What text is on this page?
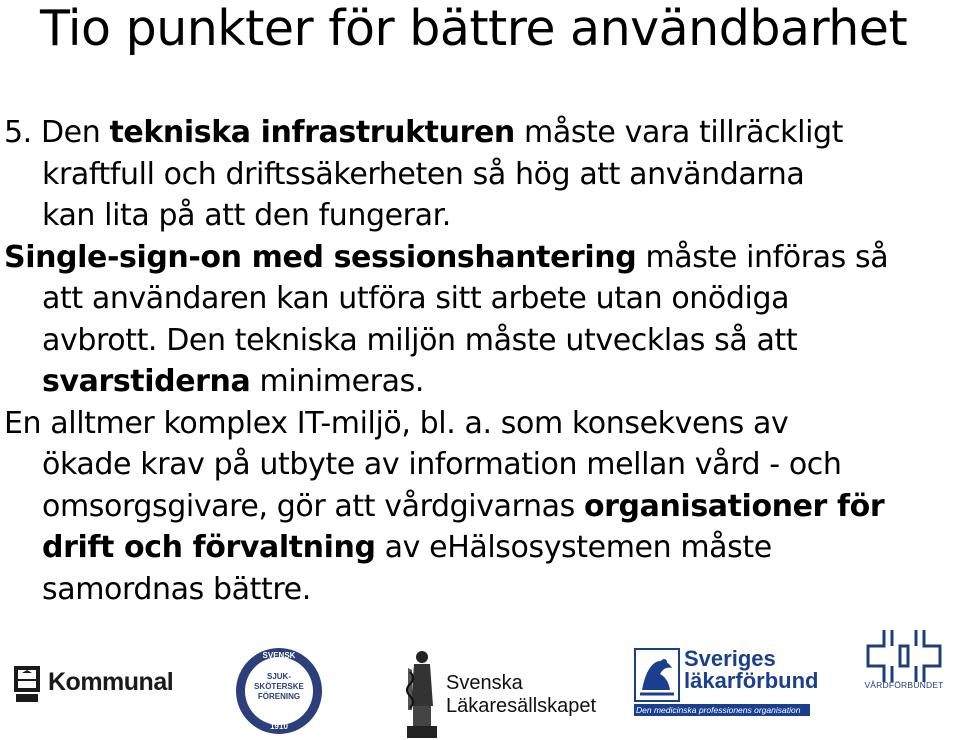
Tio punkter för bättre användbarhet
5. Den tekniska infrastrukturen måste vara tillräckligt
kraftfull och driftssäkerheten så hög att användarna
kan lita på att den fungerar.
Single-sign-on med sessionshantering måste införas så
att användaren kan utföra sitt arbete utan onödiga
avbrott. Den tekniska miljön måste utvecklas så att
svarstiderna minimeras.
En alltmer komplex IT-miljö, bl. a. som konsekvens av
ökade krav på utbyte av information mellan vård - och
omsorgsgivare, gör att vårdgivarnas organisationer för
drift och förvaltning av eHälsosystemen måste
samordnas bättre.
Kommunal
SVENSK
SJUK-
SKÖTERSKE
FÖRENING
1910
Svenska
Läkaresällskapet
Sveriges
läkarförbund
Den medicinska professionens organisation
VÅRDFÖRBUNDET
